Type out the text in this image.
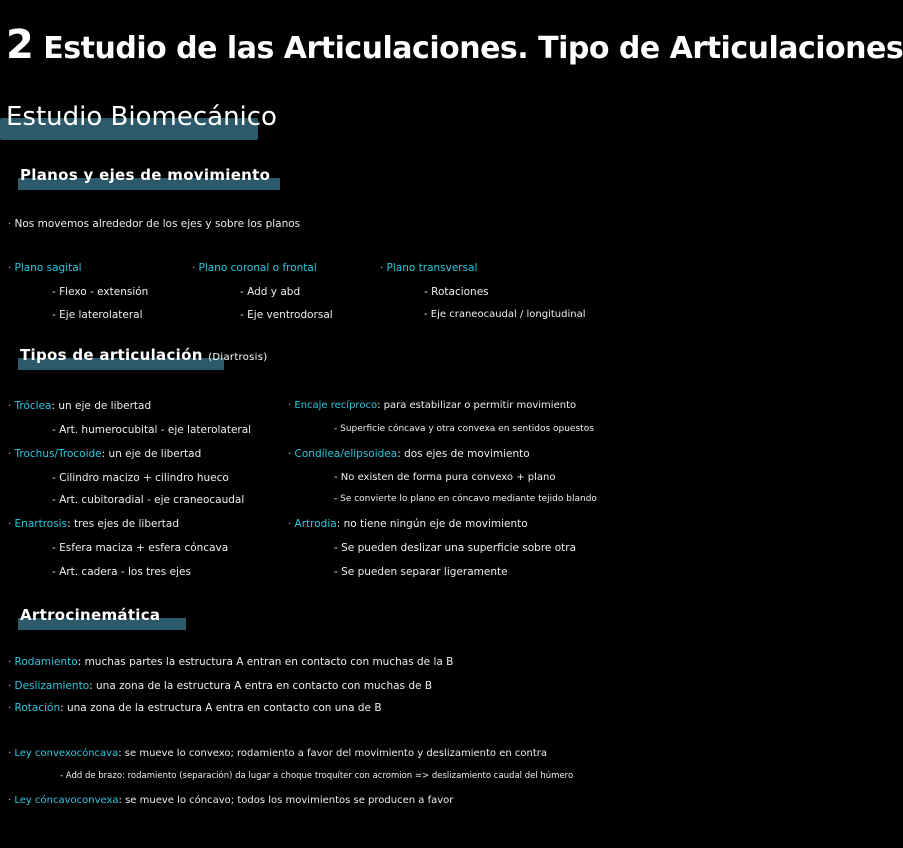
2 Estudio de las Articulaciones. Tipo de Articulaciones
Estudio Biomecánico
Planos y ejes de movimiento
· Nos movemos alrededor de los ejes y sobre los planos
· Plano sagital
- Flexo - extensión
- Eje laterolateral
· Plano coronal o frontal
- Add y abd
- Eje ventrodorsal
· Plano transversal
- Rotaciones
- Eje craneocaudal / longitudinal
Tipos de articulación (Diartrosis)
· Tróclea: un eje de libertad
- Art. humerocubital - eje laterolateral
· Trochus/Trocoide: un eje de libertad
- Cilindro macizo + cilindro hueco
- Art. cubitoradial - eje craneocaudal
· Enartrosis: tres ejes de libertad
- Esfera maciza + esfera cóncava
- Art. cadera - los tres ejes
· Encaje recíproco: para estabilizar o permitir movimiento
- Superficie cóncava y otra convexa en sentidos opuestos
· Condílea/elipsoidea: dos ejes de movimiento
- No existen de forma pura convexo + plano
- Se convierte lo plano en cóncavo mediante tejido blando
· Artrodia: no tiene ningún eje de movimiento
- Se pueden deslizar una superficie sobre otra
- Se pueden separar ligeramente
Artrocinemática
· Rodamiento: muchas partes la estructura A entran en contacto con muchas de la B
· Deslizamiento: una zona de la estructura A entra en contacto con muchas de B
· Rotación: una zona de la estructura A entra en contacto con una de B
· Ley convexocóncava: se mueve lo convexo; rodamiento a favor del movimiento y deslizamiento en contra
- Add de brazo: rodamiento (separación) da lugar a choque troquíter con acromion => deslizamiento caudal del húmero
· Ley cóncavoconvexa: se mueve lo cóncavo; todos los movimientos se producen a favor
